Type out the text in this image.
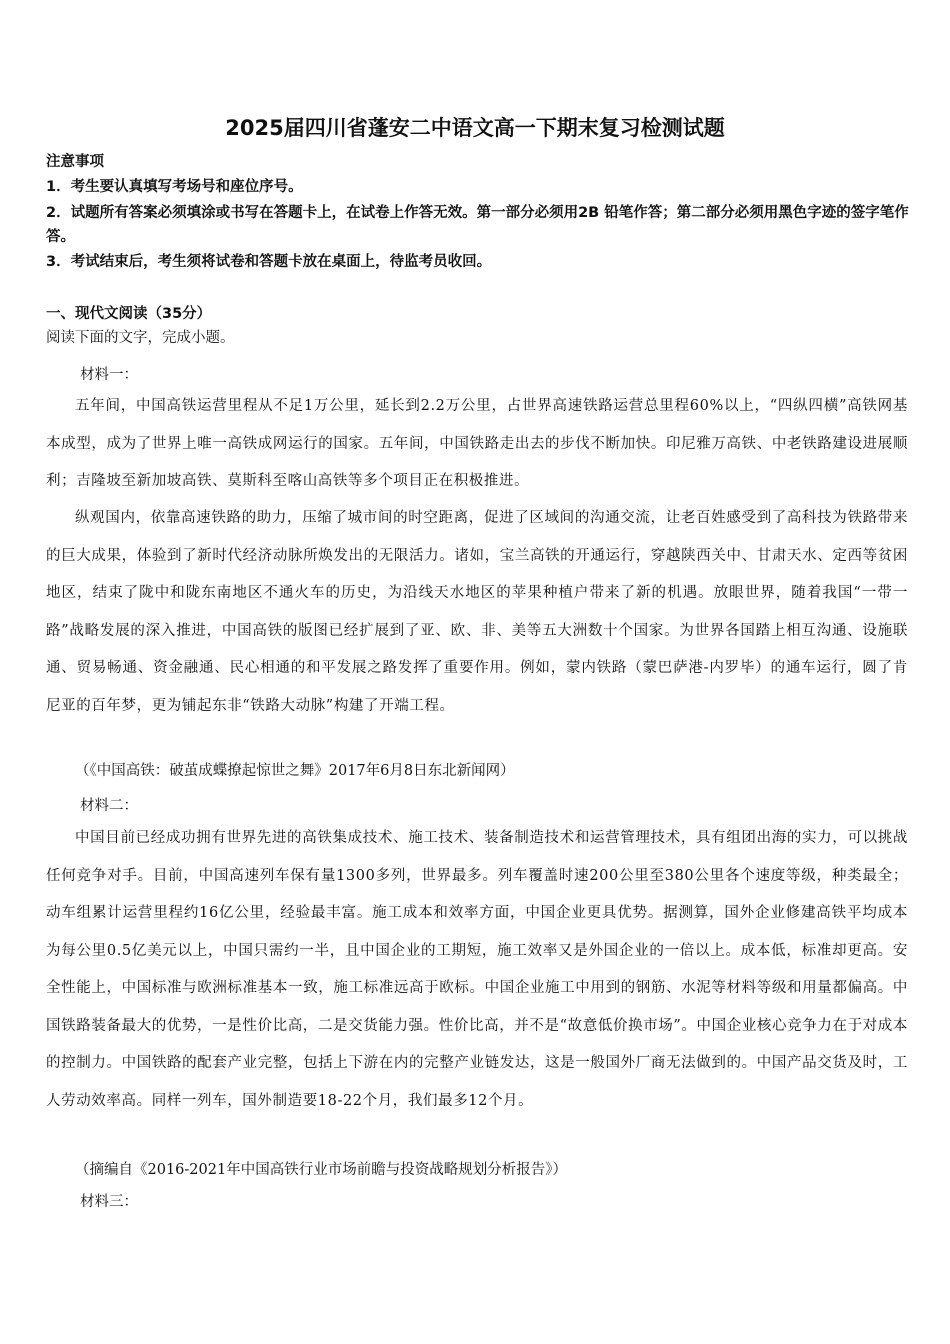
2025届四川省蓬安二中语文高一下期末复习检测试题
注意事项
1．考生要认真填写考场号和座位序号。
2．试题所有答案必须填涂或书写在答题卡上，在试卷上作答无效。第一部分必须用2B 铅笔作答；第二部分必须用黑色字迹的签字笔作答。
3．考试结束后，考生须将试卷和答题卡放在桌面上，待监考员收回。
一、现代文阅读（35分）
阅读下面的文字，完成小题。
材料一：
五年间，中国高铁运营里程从不足1万公里，延长到2.2万公里，占世界高速铁路运营总里程60%以上，“四纵四横”高铁网基本成型，成为了世界上唯一高铁成网运行的国家。五年间，中国铁路走出去的步伐不断加快。印尼雅万高铁、中老铁路建设进展顺利；吉隆坡至新加坡高铁、莫斯科至喀山高铁等多个项目正在积极推进。
纵观国内，依靠高速铁路的助力，压缩了城市间的时空距离，促进了区域间的沟通交流，让老百姓感受到了高科技为铁路带来的巨大成果，体验到了新时代经济动脉所焕发出的无限活力。诸如，宝兰高铁的开通运行，穿越陕西关中、甘肃天水、定西等贫困地区，结束了陇中和陇东南地区不通火车的历史，为沿线天水地区的苹果种植户带来了新的机遇。放眼世界，随着我国“一带一路”战略发展的深入推进，中国高铁的版图已经扩展到了亚、欧、非、美等五大洲数十个国家。为世界各国踏上相互沟通、设施联通、贸易畅通、资金融通、民心相通的和平发展之路发挥了重要作用。例如，蒙内铁路（蒙巴萨港-内罗毕）的通车运行，圆了肯尼亚的百年梦，更为铺起东非“铁路大动脉”构建了开端工程。
（《中国高铁：破茧成蝶撩起惊世之舞》2017年6月8日东北新闻网）
材料二：
中国目前已经成功拥有世界先进的高铁集成技术、施工技术、装备制造技术和运营管理技术，具有组团出海的实力，可以挑战任何竞争对手。目前，中国高速列车保有量1300多列，世界最多。列车覆盖时速200公里至380公里各个速度等级，种类最全；动车组累计运营里程约16亿公里，经验最丰富。施工成本和效率方面，中国企业更具优势。据测算，国外企业修建高铁平均成本为每公里0.5亿美元以上，中国只需约一半，且中国企业的工期短，施工效率又是外国企业的一倍以上。成本低，标准却更高。安全性能上，中国标准与欧洲标准基本一致，施工标准远高于欧标。中国企业施工中用到的钢筋、水泥等材料等级和用量都偏高。中国铁路装备最大的优势，一是性价比高，二是交货能力强。性价比高，并不是“故意低价换市场”。中国企业核心竞争力在于对成本的控制力。中国铁路的配套产业完整，包括上下游在内的完整产业链发达，这是一般国外厂商无法做到的。中国产品交货及时，工人劳动效率高。同样一列车，国外制造要18-22个月，我们最多12个月。
（摘编自《2016-2021年中国高铁行业市场前瞻与投资战略规划分析报告》）
材料三：
